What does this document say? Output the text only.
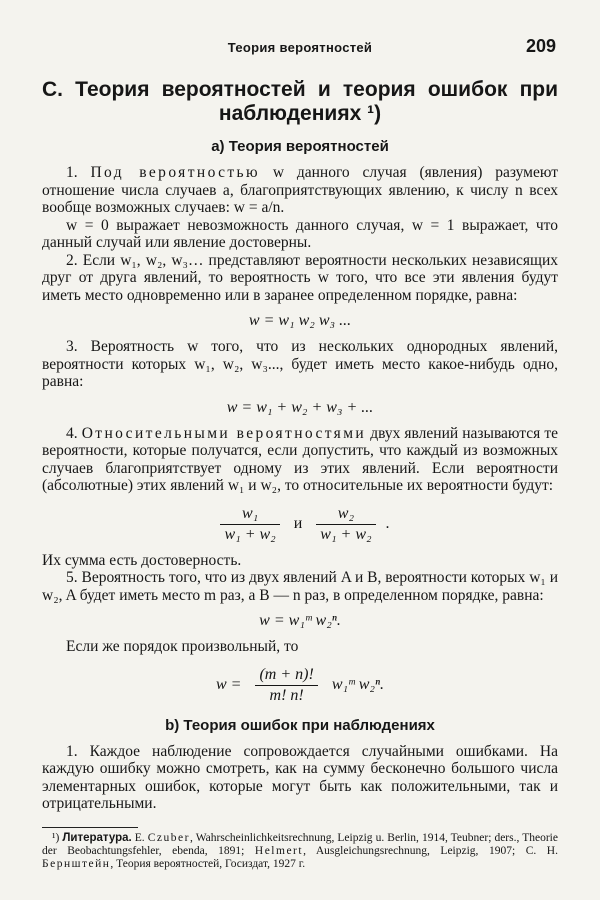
Теория вероятностей	209
С. Теория вероятностей и теория ошибок при
наблюдениях ¹)
а) Теория вероятностей

1. Под вероятностью w данного случая (явления) разумеют отношение числа случаев a, благоприятствующих явлению, к числу n всех вообще возможных случаев: w = a/n.

w = 0 выражает невозможность данного случая, w = 1 выражает, что данный случай или явление достоверны.

2. Если w₁, w₂, w₃… представляют вероятности нескольких независящих друг от друга явлений, то вероятность w того, что все эти явления будут иметь место одновременно или в заранее определенном порядке, равна:

w = w₁ w₂ w₃ ...

3. Вероятность w того, что из нескольких однородных явлений, вероятности которых w₁, w₂, w₃..., будет иметь место какое-нибудь одно, равна:

w = w₁ + w₂ + w₃ + ...

4. Относительными вероятностями двух явлений называются те вероятности, которые получатся, если допустить, что каждый из возможных случаев благоприятствует одному из этих явлений. Если вероятности (абсолютные) этих явлений w₁ и w₂, то относительные их вероятности будут:

$\frac{\text{w₁}}{\text{w₁ + w₂}}$ и $\frac{\text{w₂}}{\text{w₁ + w₂}}$ .

Их сумма есть достоверность.

5. Вероятность того, что из двух явлений A и B, вероятности которых w₁ и w₂, A будет иметь место m раз, а B — n раз, в определенном порядке, равна:

w = w₁ᵐ w₂ⁿ.

Если же порядок произвольный, то

$w = \frac{(m + n)!}{m! n!}$ w₁ᵐ w₂ⁿ.
b) Теория ошибок при наблюдениях

1. Каждое наблюдение сопровождается случайными ошибками. На каждую ошибку можно смотреть, как на сумму бесконечно большого числа элементарных ошибок, которые могут быть как положительными, так и отрицательными.

¹) Литература. E. Czuber, Wahrscheinlichkeitsrechnung, Leipzig u. Berlin, 1914, Teubner; ders., Theorie der Beobachtungsfehler, ebenda, 1891; Helmert, Ausgleichungsrechnung, Leipzig, 1907; С. Н. Бернштейн, Теория вероятностей, Госиздат, 1927 г.
